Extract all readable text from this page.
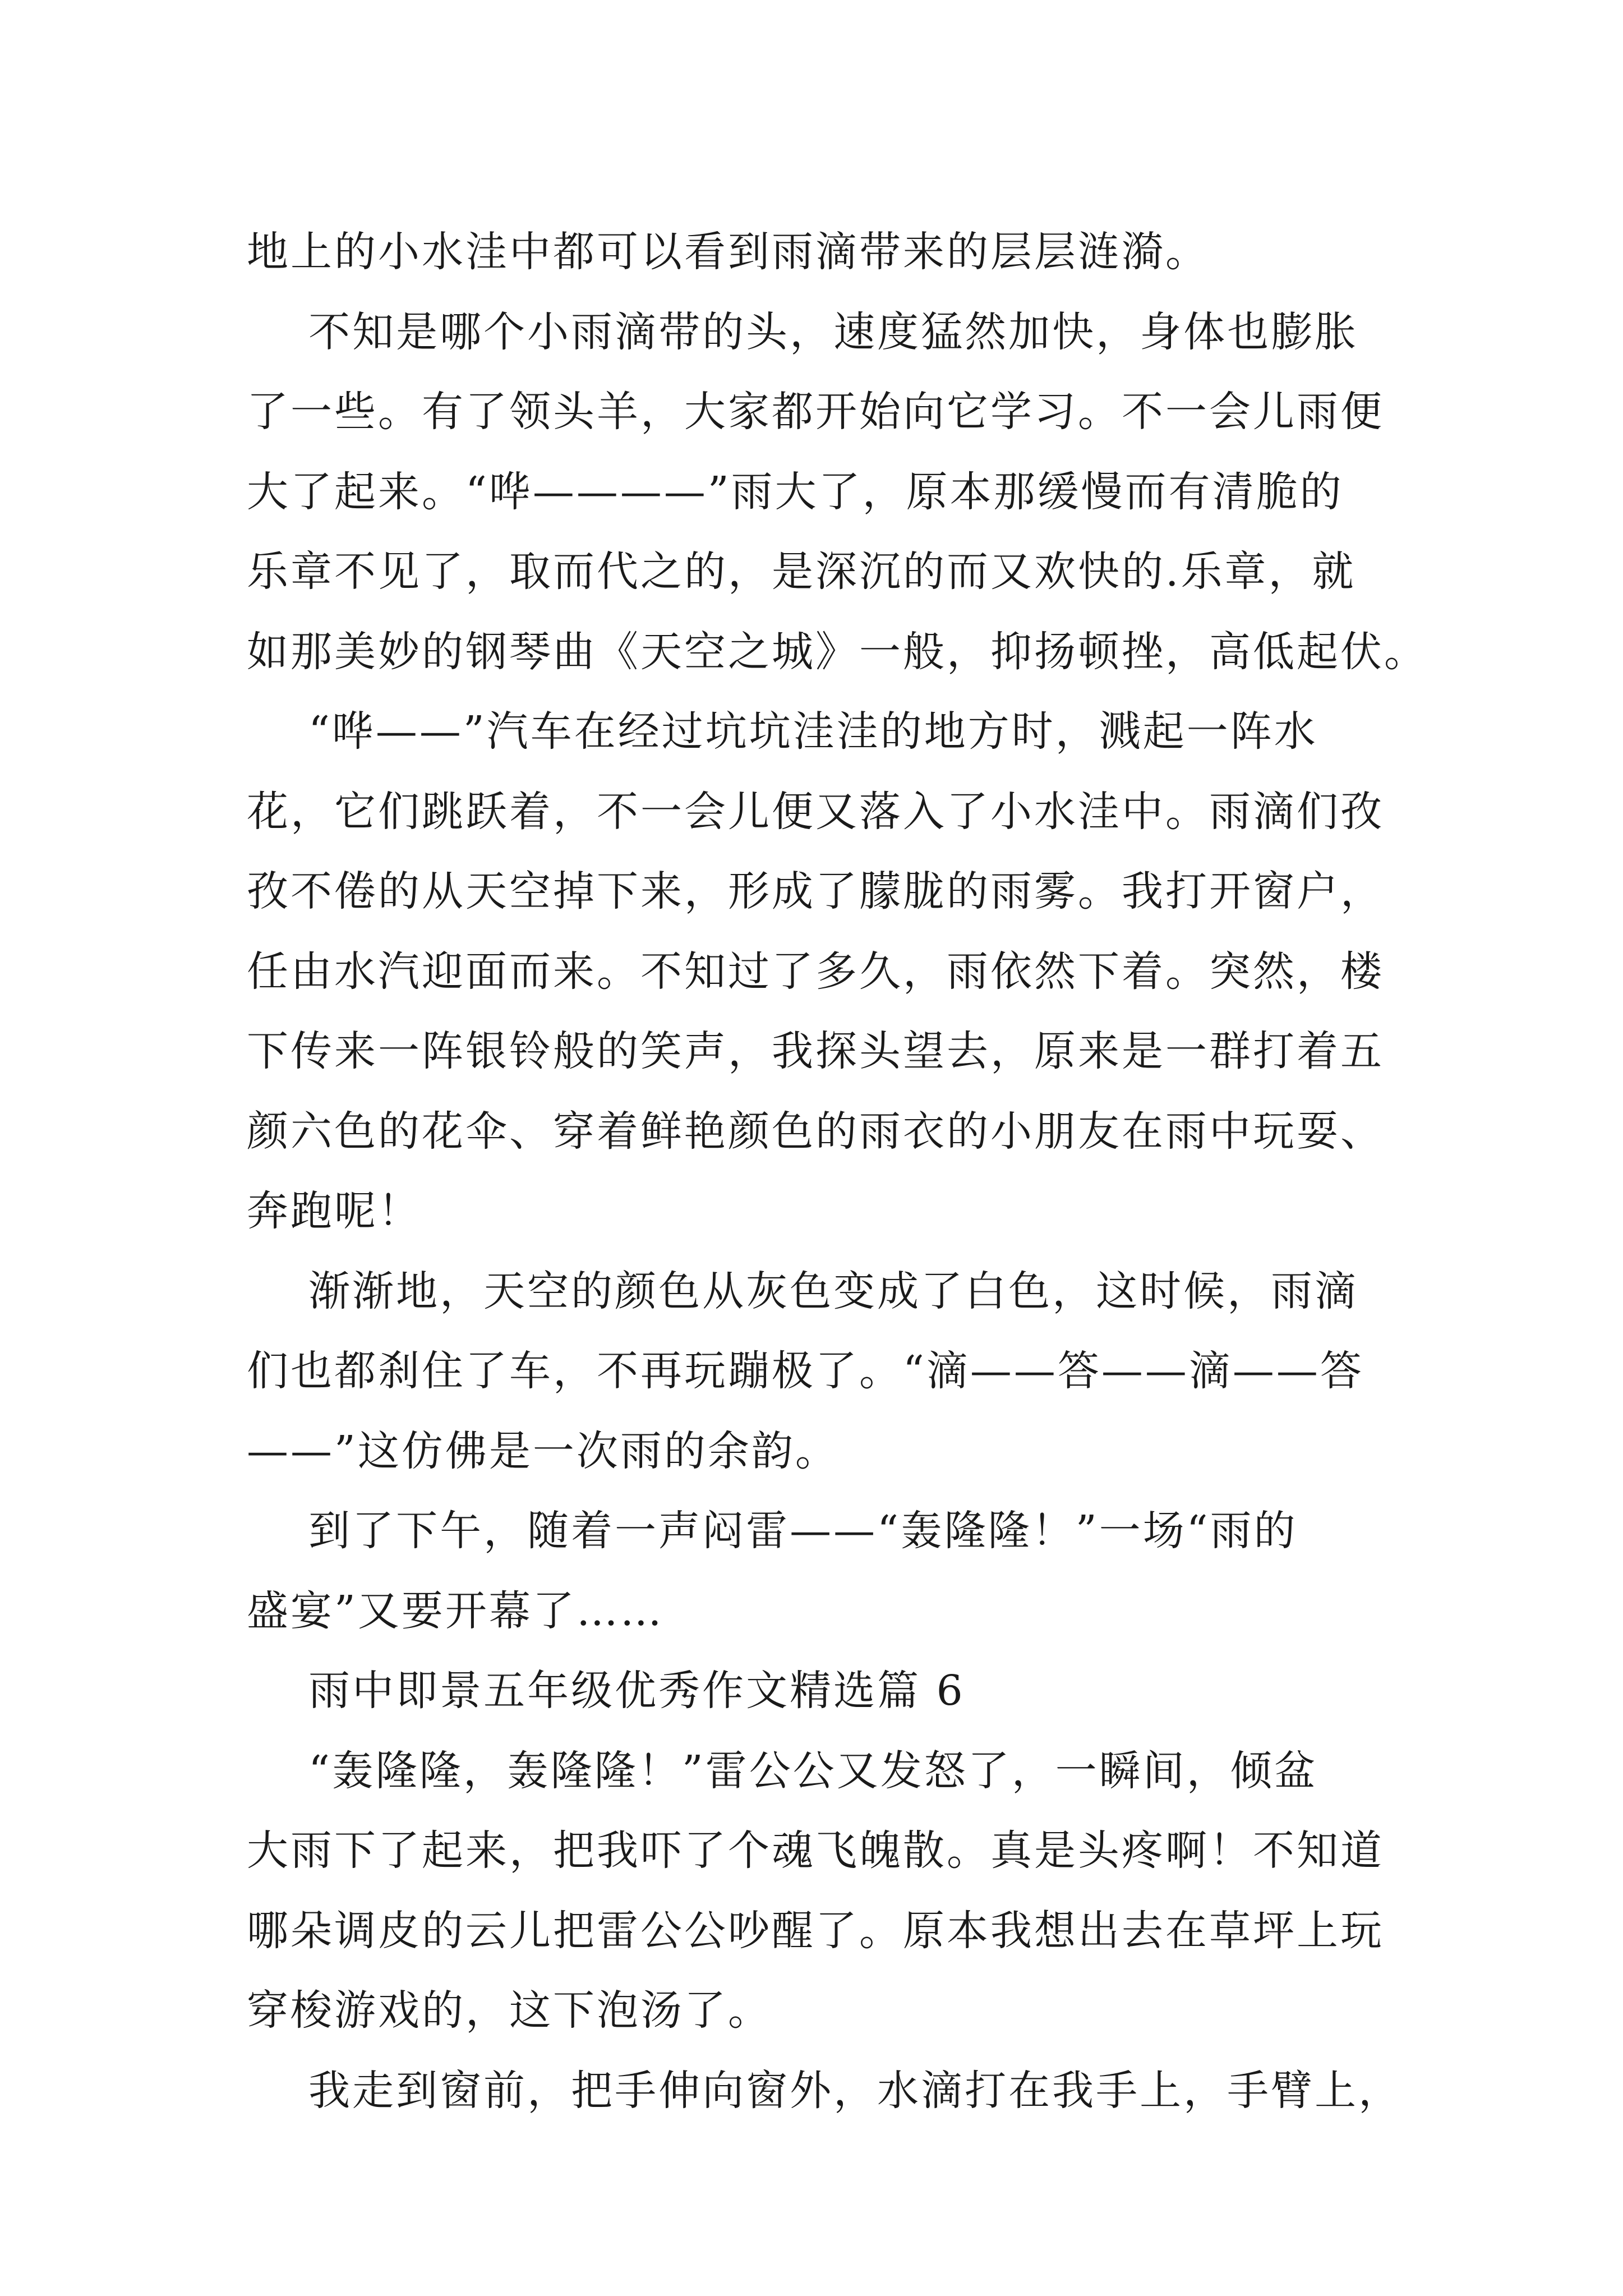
地上的小水洼中都可以看到雨滴带来的层层涟漪。
不知是哪个小雨滴带的头，速度猛然加快，身体也膨胀
了一些。有了领头羊，大家都开始向它学习。不一会儿雨便
大了起来。“哗————”雨大了，原本那缓慢而有清脆的
乐章不见了，取而代之的，是深沉的而又欢快的.乐章，就
如那美妙的钢琴曲《天空之城》一般，抑扬顿挫，高低起伏。
“哗——”汽车在经过坑坑洼洼的地方时，溅起一阵水
花，它们跳跃着，不一会儿便又落入了小水洼中。雨滴们孜
孜不倦的从天空掉下来，形成了朦胧的雨雾。我打开窗户，
任由水汽迎面而来。不知过了多久，雨依然下着。突然，楼
下传来一阵银铃般的笑声，我探头望去，原来是一群打着五
颜六色的花伞、穿着鲜艳颜色的雨衣的小朋友在雨中玩耍、
奔跑呢！
渐渐地，天空的颜色从灰色变成了白色，这时候，雨滴
们也都刹住了车，不再玩蹦极了。“滴——答——滴——答
——”这仿佛是一次雨的余韵。
到了下午，随着一声闷雷——“轰隆隆！”一场“雨的
盛宴”又要开幕了……
雨中即景五年级优秀作文精选篇 6
“轰隆隆，轰隆隆！”雷公公又发怒了，一瞬间，倾盆
大雨下了起来，把我吓了个魂飞魄散。真是头疼啊！不知道
哪朵调皮的云儿把雷公公吵醒了。原本我想出去在草坪上玩
穿梭游戏的，这下泡汤了。
我走到窗前，把手伸向窗外，水滴打在我手上，手臂上，
